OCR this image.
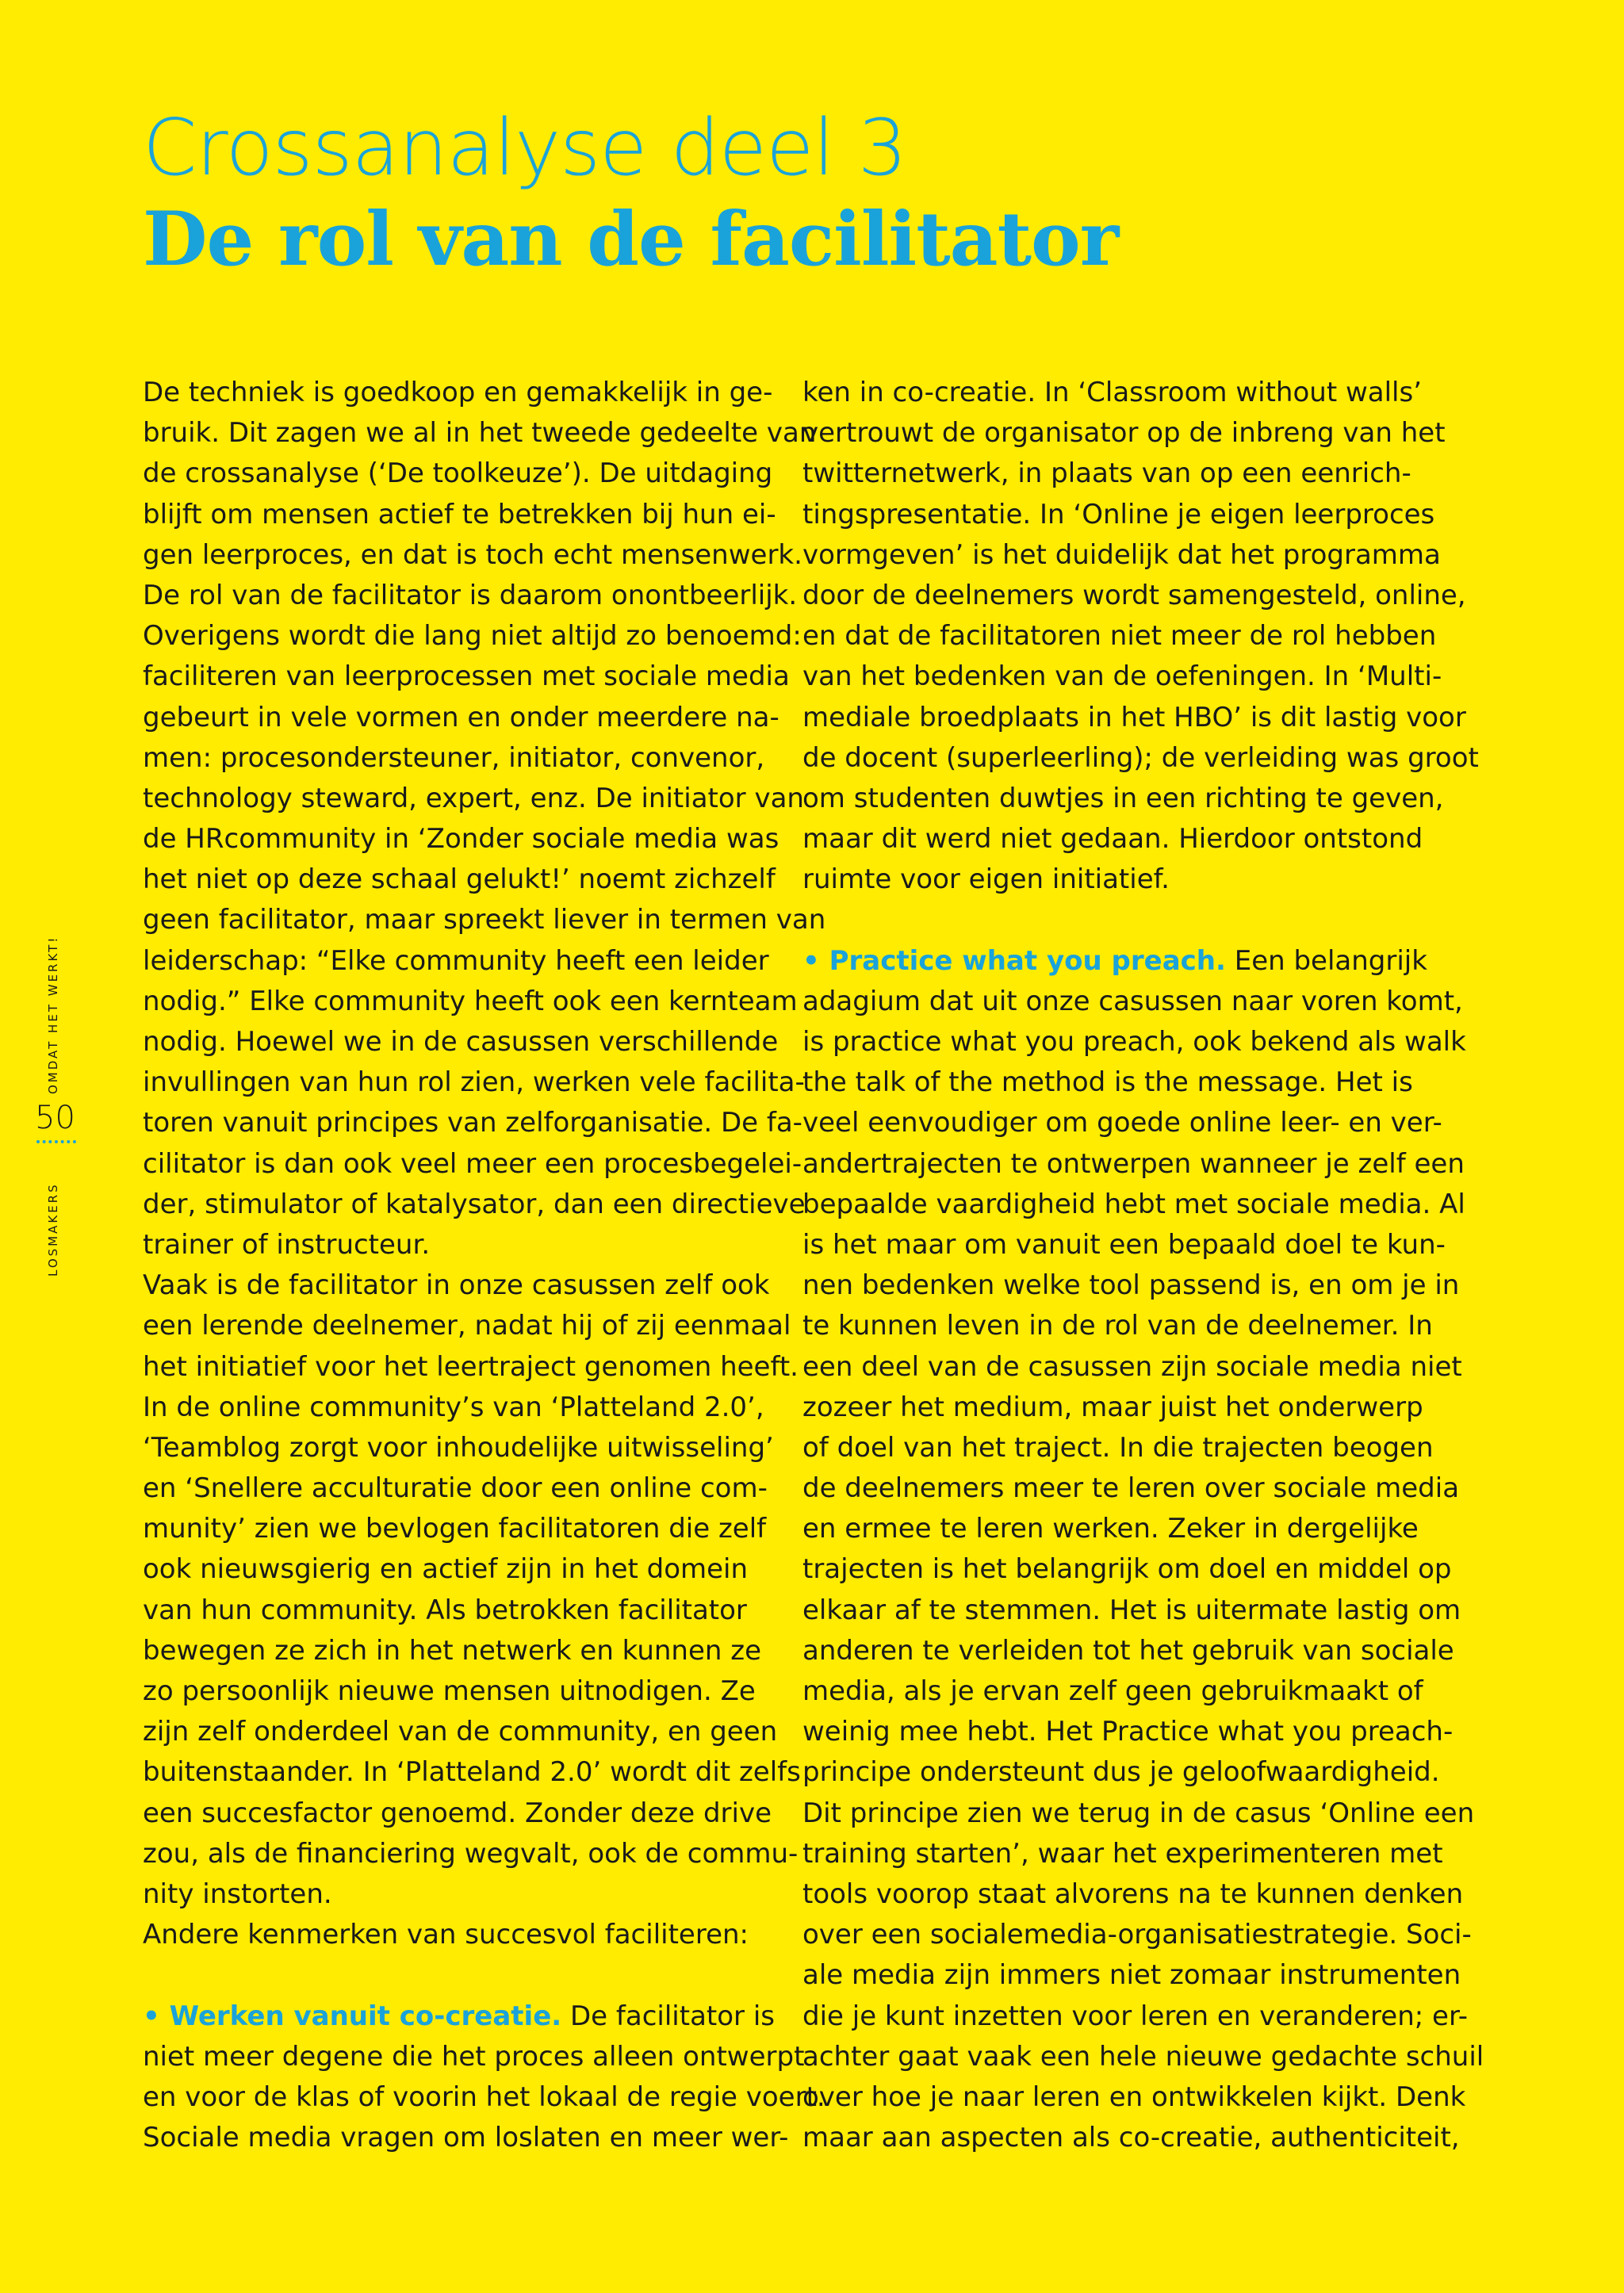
Crossanalyse deel 3
De rol van de facilitator
OMDAT HET WERKT!
50
LOSMAKERS
De techniek is goedkoop en gemakkelijk in ge-
bruik. Dit zagen we al in het tweede gedeelte van
de crossanalyse (‘De toolkeuze’). De uitdaging
blijft om mensen actief te betrekken bij hun ei-
gen leerproces, en dat is toch echt mensenwerk.
De rol van de facilitator is daarom onontbeerlijk.
Overigens wordt die lang niet altijd zo benoemd:
faciliteren van leerprocessen met sociale media
gebeurt in vele vormen en onder meerdere na-
men: procesondersteuner, initiator, convenor,
technology steward, expert, enz. De initiator van
de HRcommunity in ‘Zonder sociale media was
het niet op deze schaal gelukt!’ noemt zichzelf
geen facilitator, maar spreekt liever in termen van
leiderschap: “Elke community heeft een leider
nodig.” Elke community heeft ook een kernteam
nodig. Hoewel we in de casussen verschillende
invullingen van hun rol zien, werken vele facilita-
toren vanuit principes van zelforganisatie. De fa-
cilitator is dan ook veel meer een procesbegelei-
der, stimulator of katalysator, dan een directieve
trainer of instructeur.
Vaak is de facilitator in onze casussen zelf ook
een lerende deelnemer, nadat hij of zij eenmaal
het initiatief voor het leertraject genomen heeft.
In de online community’s van ‘Platteland 2.0’,
‘Teamblog zorgt voor inhoudelijke uitwisseling’
en ‘Snellere acculturatie door een online com-
munity’ zien we bevlogen facilitatoren die zelf
ook nieuwsgierig en actief zijn in het domein
van hun community. Als betrokken facilitator
bewegen ze zich in het netwerk en kunnen ze
zo persoonlijk nieuwe mensen uitnodigen. Ze
zijn zelf onderdeel van de community, en geen
buitenstaander. In ‘Platteland 2.0’ wordt dit zelfs
een succesfactor genoemd. Zonder deze drive
zou, als de financiering wegvalt, ook de commu-
nity instorten.
Andere kenmerken van succesvol faciliteren:
• Werken vanuit co-creatie. De facilitator is
niet meer degene die het proces alleen ontwerpt
en voor de klas of voorin het lokaal de regie voert.
Sociale media vragen om loslaten en meer wer-
ken in co-creatie. In ‘Classroom without walls’
vertrouwt de organisator op de inbreng van het
twitternetwerk, in plaats van op een eenrich-
tingspresentatie. In ‘Online je eigen leerproces
vormgeven’ is het duidelijk dat het programma
door de deelnemers wordt samengesteld, online,
en dat de facilitatoren niet meer de rol hebben
van het bedenken van de oefeningen. In ‘Multi-
mediale broedplaats in het HBO’ is dit lastig voor
de docent (superleerling); de verleiding was groot
om studenten duwtjes in een richting te geven,
maar dit werd niet gedaan. Hierdoor ontstond
ruimte voor eigen initiatief.
• Practice what you preach. Een belangrijk
adagium dat uit onze casussen naar voren komt,
is practice what you preach, ook bekend als walk
the talk of the method is the message. Het is
veel eenvoudiger om goede online leer- en ver-
andertrajecten te ontwerpen wanneer je zelf een
bepaalde vaardigheid hebt met sociale media. Al
is het maar om vanuit een bepaald doel te kun-
nen bedenken welke tool passend is, en om je in
te kunnen leven in de rol van de deelnemer. In
een deel van de casussen zijn sociale media niet
zozeer het medium, maar juist het onderwerp
of doel van het traject. In die trajecten beogen
de deelnemers meer te leren over sociale media
en ermee te leren werken. Zeker in dergelijke
trajecten is het belangrijk om doel en middel op
elkaar af te stemmen. Het is uitermate lastig om
anderen te verleiden tot het gebruik van sociale
media, als je ervan zelf geen gebruikmaakt of
weinig mee hebt. Het Practice what you preach-
principe ondersteunt dus je geloofwaardigheid.
Dit principe zien we terug in de casus ‘Online een
training starten’, waar het experimenteren met
tools voorop staat alvorens na te kunnen denken
over een socialemedia-organisatiestrategie. Soci-
ale media zijn immers niet zomaar instrumenten
die je kunt inzetten voor leren en veranderen; er-
achter gaat vaak een hele nieuwe gedachte schuil
over hoe je naar leren en ontwikkelen kijkt. Denk
maar aan aspecten als co-creatie, authenticiteit,
